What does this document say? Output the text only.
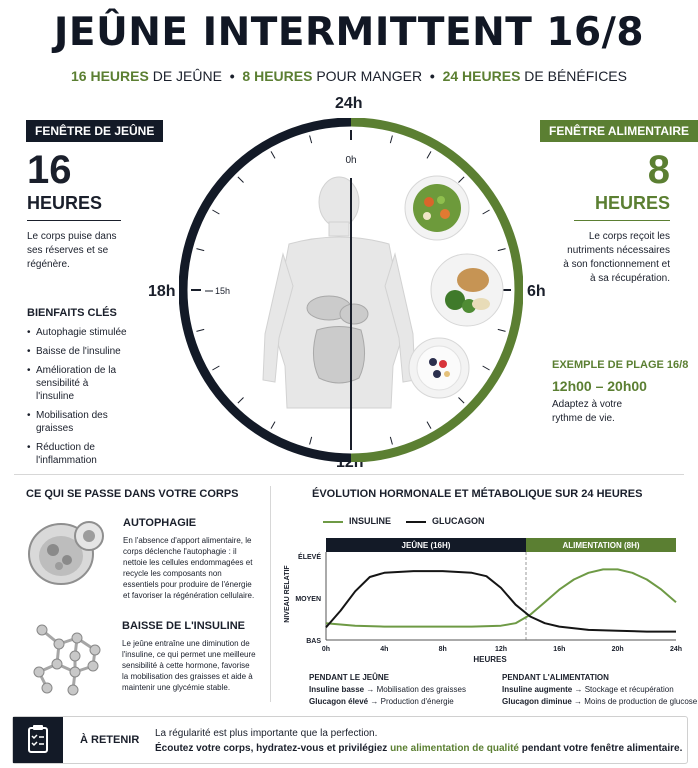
JEÛNE INTERMITTENT 16/8
16 HEURES DE JEÛNE • 8 HEURES POUR MANGER • 24 HEURES DE BÉNÉFICES
FENÊTRE DE JEÛNE
16
HEURES
Le corps puise dans ses réserves et se régénère.
BIENFAITS CLÉS
• Autophagie stimulée
• Baisse de l'insuline
• Amélioration de la sensibilité à l'insuline
• Mobilisation des graisses
• Réduction de l'inflammation
FENÊTRE ALIMENTAIRE
8
HEURES
Le corps reçoit les nutriments nécessaires à son fonctionnement et à sa récupération.
EXEMPLE DE PLAGE 16/8
12h00 – 20h00
Adaptez à votre rythme de vie.
24h
6h
12h
18h
0h
15h
CE QUI SE PASSE DANS VOTRE CORPS
AUTOPHAGIE
En l'absence d'apport alimentaire, le corps déclenche l'autophagie : il nettoie les cellules endommagées et recycle les composants non essentiels pour produire de l'énergie et favoriser la régénération cellulaire.
BAISSE DE L'INSULINE
Le jeûne entraîne une diminution de l'insuline, ce qui permet une meilleure sensibilité à cette hormone, favorise la mobilisation des graisses et aide à maintenir une glycémie stable.
ÉVOLUTION HORMONALE ET MÉTABOLIQUE SUR 24 HEURES
INSULINE	GLUCAGON
JEÛNE (16H)	ALIMENTATION (8H)
NIVEAU RELATIF
HEURES
0h	4h	8h	12h	16h	20h	24h
BAS
MOYEN
ÉLEVÉ
PENDANT LE JEÛNE
Insuline basse → Mobilisation des graisses
Glucagon élevé → Production d'énergie
PENDANT L'ALIMENTATION
Insuline augmente → Stockage et récupération
Glucagon diminue → Moins de production de glucose
À RETENIR
La régularité est plus importante que la perfection.
Écoutez votre corps, hydratez-vous et privilégiez une alimentation de qualité pendant votre fenêtre alimentaire.
